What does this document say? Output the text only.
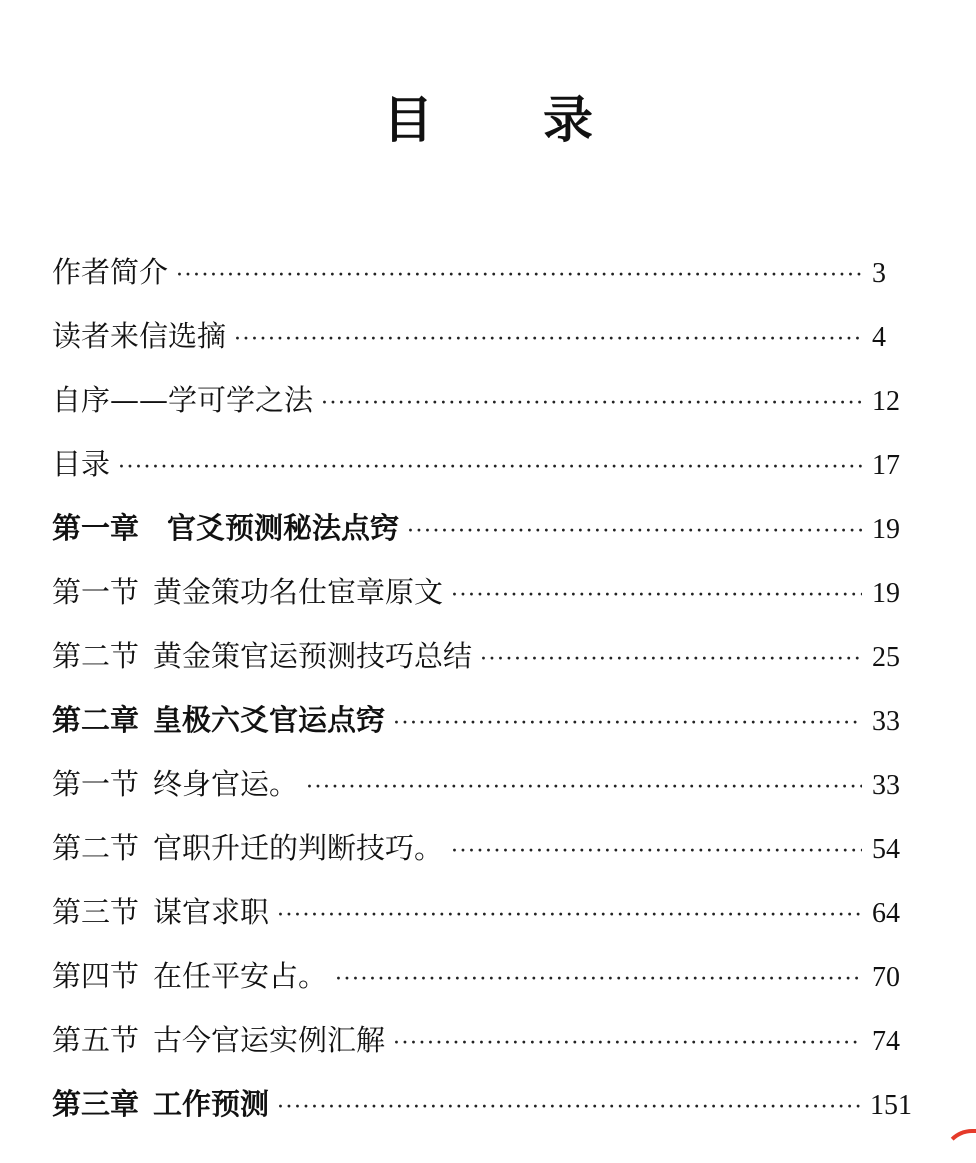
目 录
作者简介 ·····	3
读者来信选摘 ·····	4
自序——学可学之法 ·····	12
目录 ·····	17
第一章 官爻预测秘法点窍 ·····	19
第一节 黄金策功名仕宦章原文 ·····	19
第二节 黄金策官运预测技巧总结 ·····	25
第二章 皇极六爻官运点窍 ·····	33
第一节 终身官运。 ·····	33
第二节 官职升迁的判断技巧。 ·····	54
第三节 谋官求职 ·····	64
第四节 在任平安占。 ·····	70
第五节 古今官运实例汇解 ·····	74
第三章 工作预测 ·····	151
